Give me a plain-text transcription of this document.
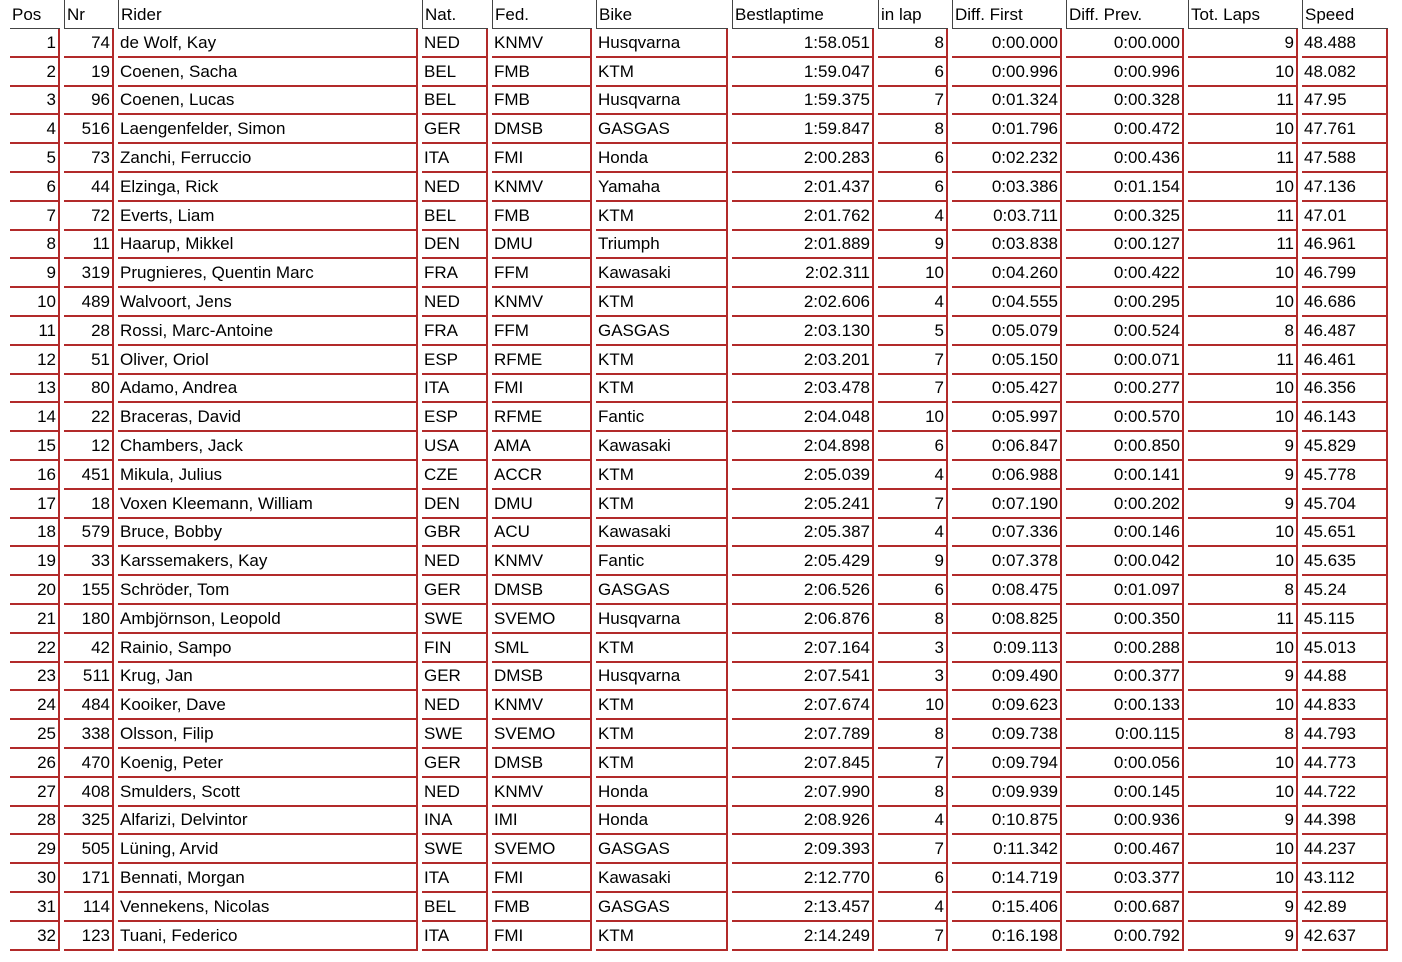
Pos	Nr	Rider	Nat.	Fed.	Bike	Bestlaptime	in lap	Diff. First	Diff. Prev.	Tot. Laps	Speed
1	74	de Wolf, Kay	NED	KNMV	Husqvarna	1:58.051	8	0:00.000	0:00.000	9	48.488
2	19	Coenen, Sacha	BEL	FMB	KTM	1:59.047	6	0:00.996	0:00.996	10	48.082
3	96	Coenen, Lucas	BEL	FMB	Husqvarna	1:59.375	7	0:01.324	0:00.328	11	47.95
4	516	Laengenfelder, Simon	GER	DMSB	GASGAS	1:59.847	8	0:01.796	0:00.472	10	47.761
5	73	Zanchi, Ferruccio	ITA	FMI	Honda	2:00.283	6	0:02.232	0:00.436	11	47.588
6	44	Elzinga, Rick	NED	KNMV	Yamaha	2:01.437	6	0:03.386	0:01.154	10	47.136
7	72	Everts, Liam	BEL	FMB	KTM	2:01.762	4	0:03.711	0:00.325	11	47.01
8	11	Haarup, Mikkel	DEN	DMU	Triumph	2:01.889	9	0:03.838	0:00.127	11	46.961
9	319	Prugnieres, Quentin Marc	FRA	FFM	Kawasaki	2:02.311	10	0:04.260	0:00.422	10	46.799
10	489	Walvoort, Jens	NED	KNMV	KTM	2:02.606	4	0:04.555	0:00.295	10	46.686
11	28	Rossi, Marc-Antoine	FRA	FFM	GASGAS	2:03.130	5	0:05.079	0:00.524	8	46.487
12	51	Oliver, Oriol	ESP	RFME	KTM	2:03.201	7	0:05.150	0:00.071	11	46.461
13	80	Adamo, Andrea	ITA	FMI	KTM	2:03.478	7	0:05.427	0:00.277	10	46.356
14	22	Braceras, David	ESP	RFME	Fantic	2:04.048	10	0:05.997	0:00.570	10	46.143
15	12	Chambers, Jack	USA	AMA	Kawasaki	2:04.898	6	0:06.847	0:00.850	9	45.829
16	451	Mikula, Julius	CZE	ACCR	KTM	2:05.039	4	0:06.988	0:00.141	9	45.778
17	18	Voxen Kleemann, William	DEN	DMU	KTM	2:05.241	7	0:07.190	0:00.202	9	45.704
18	579	Bruce, Bobby	GBR	ACU	Kawasaki	2:05.387	4	0:07.336	0:00.146	10	45.651
19	33	Karssemakers, Kay	NED	KNMV	Fantic	2:05.429	9	0:07.378	0:00.042	10	45.635
20	155	Schröder, Tom	GER	DMSB	GASGAS	2:06.526	6	0:08.475	0:01.097	8	45.24
21	180	Ambjörnson, Leopold	SWE	SVEMO	Husqvarna	2:06.876	8	0:08.825	0:00.350	11	45.115
22	42	Rainio, Sampo	FIN	SML	KTM	2:07.164	3	0:09.113	0:00.288	10	45.013
23	511	Krug, Jan	GER	DMSB	Husqvarna	2:07.541	3	0:09.490	0:00.377	9	44.88
24	484	Kooiker, Dave	NED	KNMV	KTM	2:07.674	10	0:09.623	0:00.133	10	44.833
25	338	Olsson, Filip	SWE	SVEMO	KTM	2:07.789	8	0:09.738	0:00.115	8	44.793
26	470	Koenig, Peter	GER	DMSB	KTM	2:07.845	7	0:09.794	0:00.056	10	44.773
27	408	Smulders, Scott	NED	KNMV	Honda	2:07.990	8	0:09.939	0:00.145	10	44.722
28	325	Alfarizi, Delvintor	INA	IMI	Honda	2:08.926	4	0:10.875	0:00.936	9	44.398
29	505	Lüning, Arvid	SWE	SVEMO	GASGAS	2:09.393	7	0:11.342	0:00.467	10	44.237
30	171	Bennati, Morgan	ITA	FMI	Kawasaki	2:12.770	6	0:14.719	0:03.377	10	43.112
31	114	Vennekens, Nicolas	BEL	FMB	GASGAS	2:13.457	4	0:15.406	0:00.687	9	42.89
32	123	Tuani, Federico	ITA	FMI	KTM	2:14.249	7	0:16.198	0:00.792	9	42.637
